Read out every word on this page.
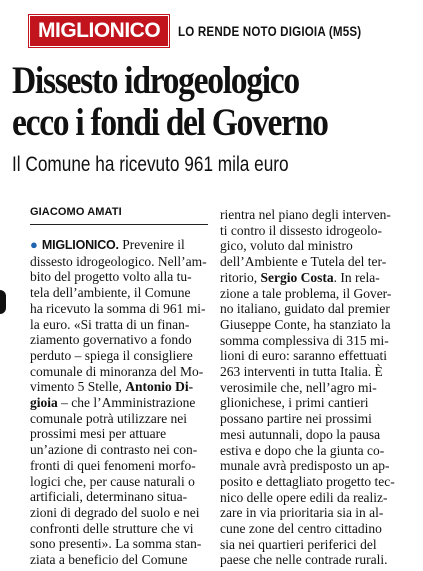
MIGLIONICO	LO RENDE NOTO DIGIOIA (M5S)
Dissesto idrogeologico
ecco i fondi del Governo
Il Comune ha ricevuto 961 mila euro
GIACOMO AMATI
● MIGLIONICO. Prevenire il
dissesto idrogeologico. Nell’am-
bito del progetto volto alla tu-
tela dell’ambiente, il Comune
ha ricevuto la somma di 961 mi-
la euro. «Si tratta di un finan-
ziamento governativo a fondo
perduto – spiega il consigliere
comunale di minoranza del Mo-
vimento 5 Stelle, Antonio Di-
gioia – che l’Amministrazione
comunale potrà utilizzare nei
prossimi mesi per attuare
un’azione di contrasto nei con-
fronti di quei fenomeni morfo-
logici che, per cause naturali o
artificiali, determinano situa-
zioni di degrado del suolo e nei
confronti delle strutture che vi
sono presenti». La somma stan-
ziata a beneficio del Comune
rientra nel piano degli interven-
ti contro il dissesto idrogeolo-
gico, voluto dal ministro
dell’Ambiente e Tutela del ter-
ritorio, Sergio Costa. In rela-
zione a tale problema, il Gover-
no italiano, guidato dal premier
Giuseppe Conte, ha stanziato la
somma complessiva di 315 mi-
lioni di euro: saranno effettuati
263 interventi in tutta Italia. È
verosimile che, nell’agro mi-
glionichese, i primi cantieri
possano partire nei prossimi
mesi autunnali, dopo la pausa
estiva e dopo che la giunta co-
munale avrà predisposto un ap-
posito e dettagliato progetto tec-
nico delle opere edili da realiz-
zare in via prioritaria sia in al-
cune zone del centro cittadino
sia nei quartieri periferici del
paese che nelle contrade rurali.
